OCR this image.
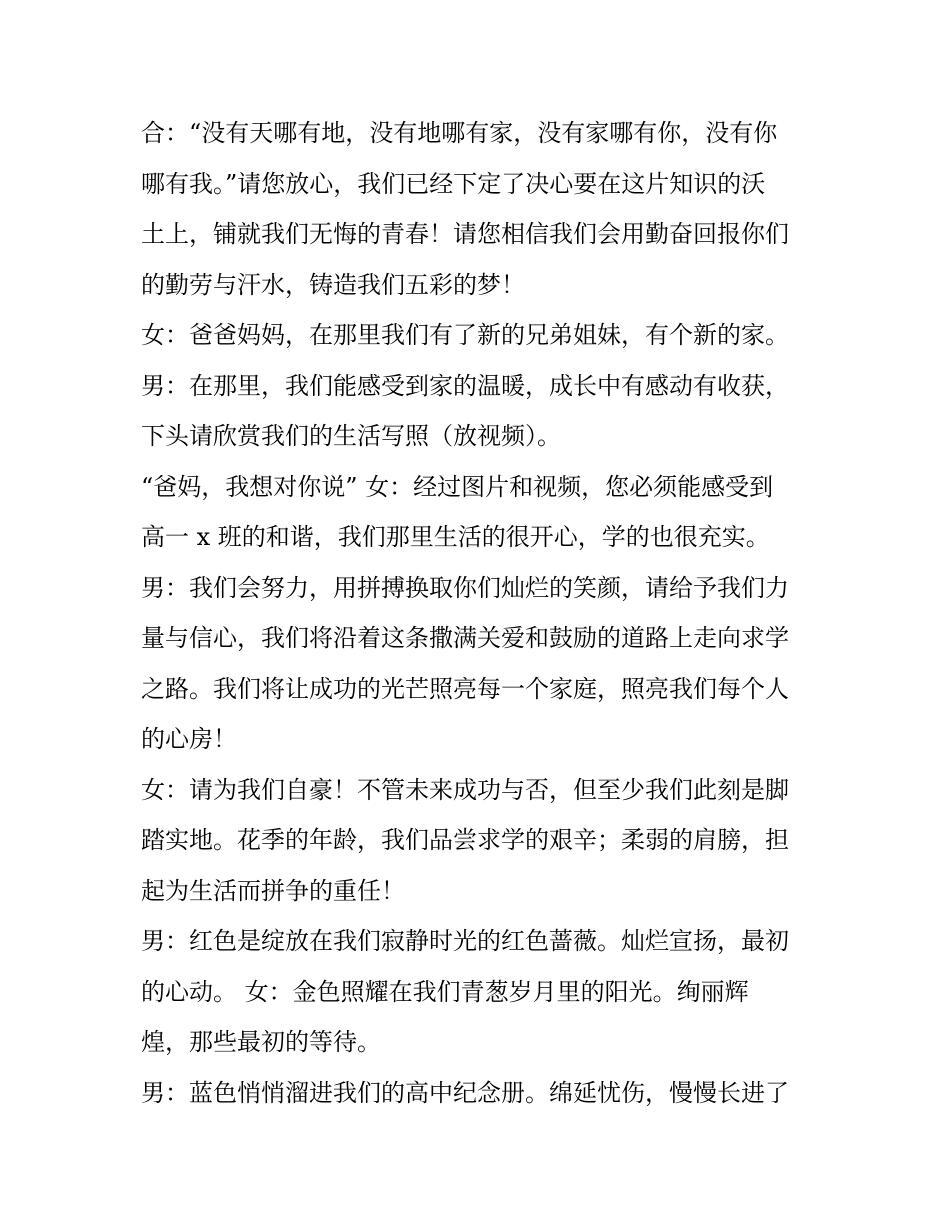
合：“没有天哪有地，没有地哪有家，没有家哪有你，没有你
哪有我。”请您放心，我们已经下定了决心要在这片知识的沃
土上，铺就我们无悔的青春！请您相信我们会用勤奋回报你们
的勤劳与汗水，铸造我们五彩的梦！
女：爸爸妈妈，在那里我们有了新的兄弟姐妹，有个新的家。
男：在那里，我们能感受到家的温暖，成长中有感动有收获，
下头请欣赏我们的生活写照（放视频）。
“爸妈，我想对你说” 女：经过图片和视频，您必须能感受到
高一 x 班的和谐，我们那里生活的很开心，学的也很充实。
男：我们会努力，用拼搏换取你们灿烂的笑颜，请给予我们力
量与信心，我们将沿着这条撒满关爱和鼓励的道路上走向求学
之路。我们将让成功的光芒照亮每一个家庭，照亮我们每个人
的心房！
女：请为我们自豪！不管未来成功与否，但至少我们此刻是脚
踏实地。花季的年龄，我们品尝求学的艰辛；柔弱的肩膀，担
起为生活而拼争的重任！
男：红色是绽放在我们寂静时光的红色蔷薇。灿烂宣扬，最初
的心动。 女：金色照耀在我们青葱岁月里的阳光。绚丽辉
煌，那些最初的等待。
男：蓝色悄悄溜进我们的高中纪念册。绵延忧伤，慢慢长进了
